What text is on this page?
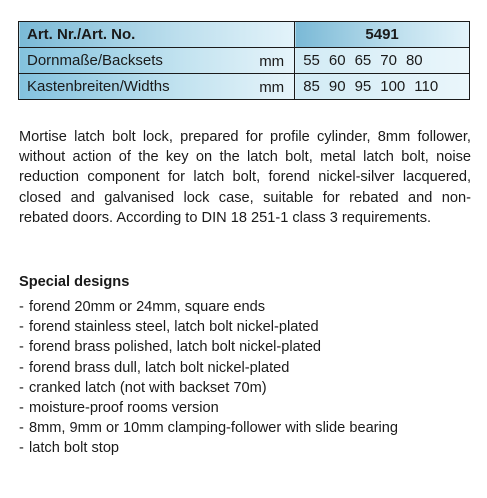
Art. Nr./Art. No.	5491
Dornmaße/Backsets mm	55 60 65 70 80
Kastenbreiten/Widths mm	85 90 95 100 110

Mortise latch bolt lock, prepared for profile cylinder, 8mm follower, without action of the key on the latch bolt, metal latch bolt, noise reduction component for latch bolt, forend nickel-silver lacquered, closed and galvanised lock case, suitable for rebated and non-rebated doors. According to DIN 18 251-1 class 3 requirements.

Special designs
- forend 20mm or 24mm, square ends
- forend stainless steel, latch bolt nickel-plated
- forend brass polished, latch bolt nickel-plated
- forend brass dull, latch bolt nickel-plated
- cranked latch (not with backset 70m)
- moisture-proof rooms version
- 8mm, 9mm or 10mm clamping-follower with slide bearing
- latch bolt stop
